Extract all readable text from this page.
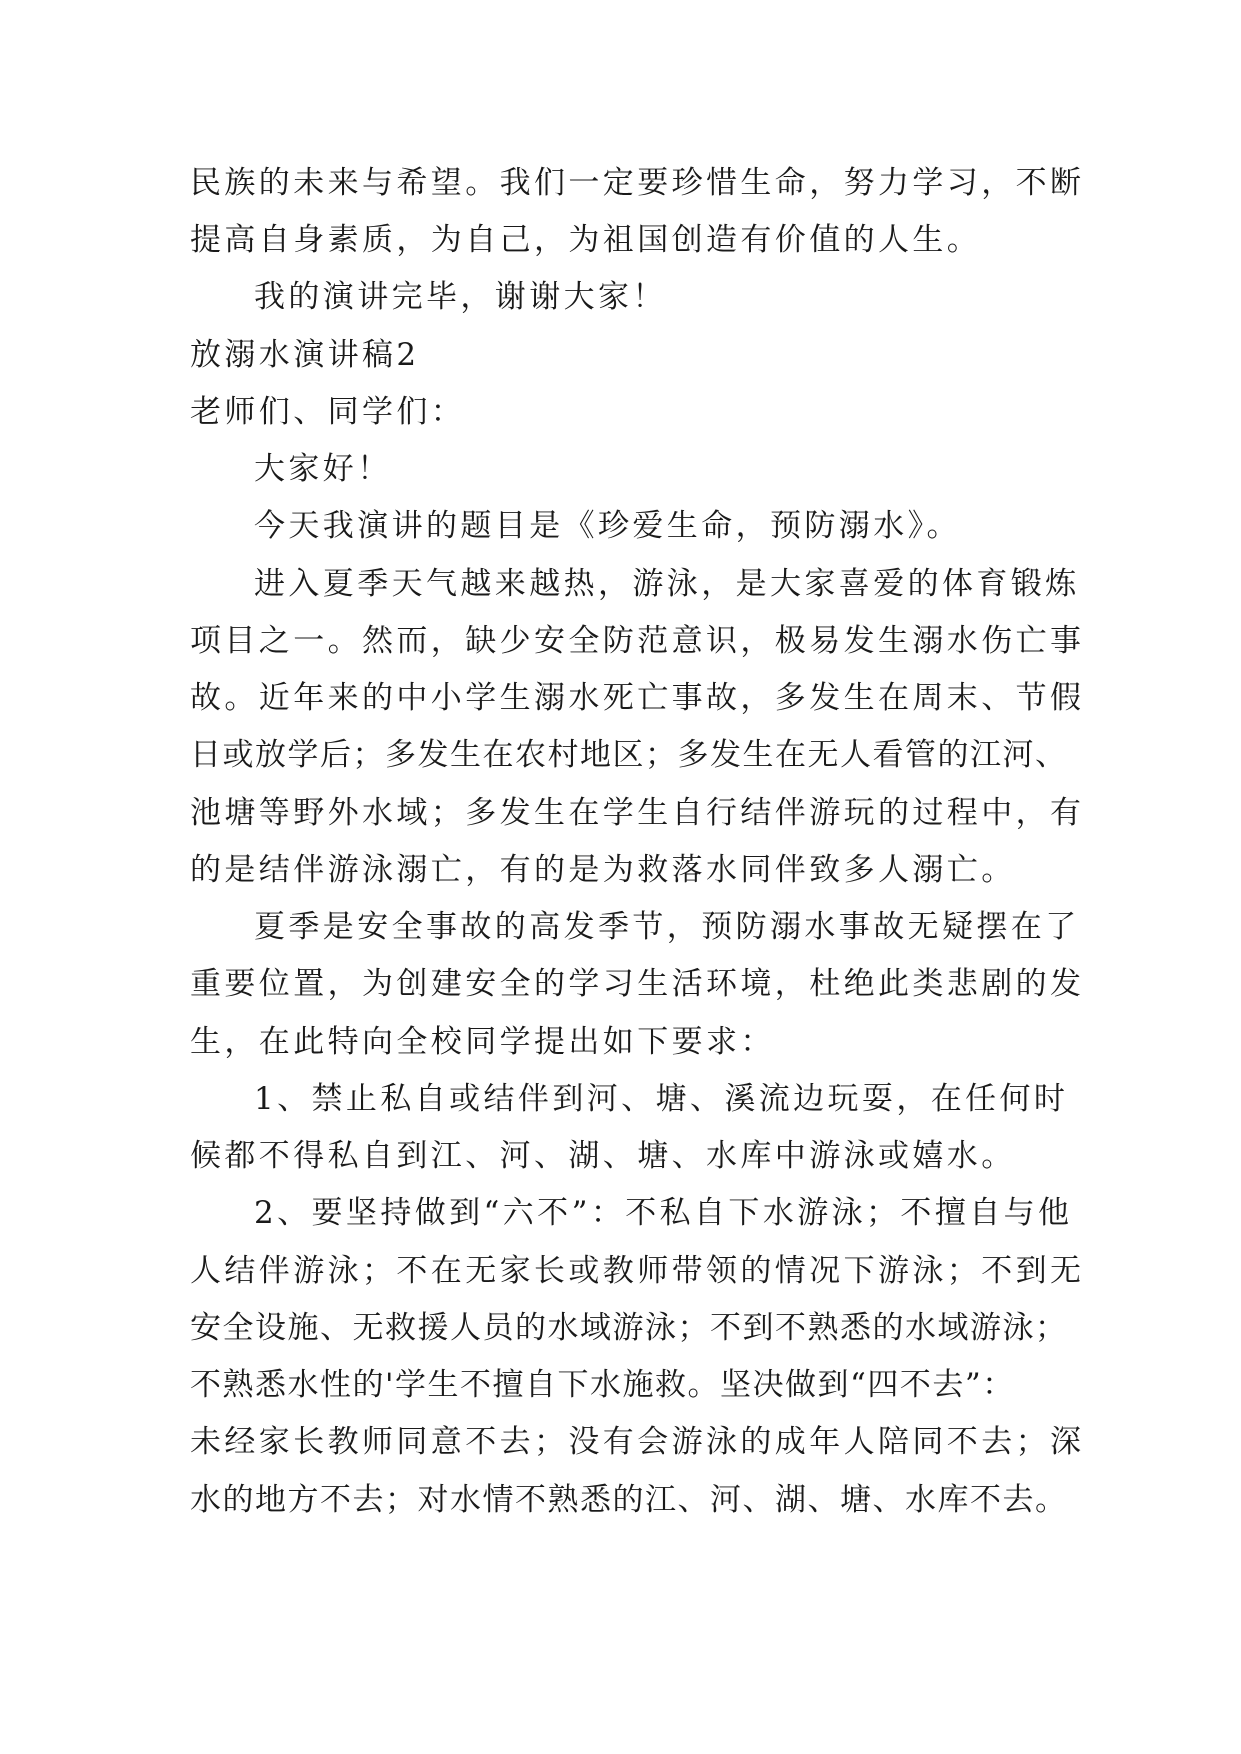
民族的未来与希望。我们一定要珍惜生命，努力学习，不断
提高自身素质，为自己，为祖国创造有价值的人生。
我的演讲完毕，谢谢大家！
放溺水演讲稿2
老师们、同学们：
大家好！
今天我演讲的题目是《珍爱生命，预防溺水》。
进入夏季天气越来越热，游泳，是大家喜爱的体育锻炼
项目之一。然而，缺少安全防范意识，极易发生溺水伤亡事
故。近年来的中小学生溺水死亡事故，多发生在周末、节假
日或放学后；多发生在农村地区；多发生在无人看管的江河、
池塘等野外水域；多发生在学生自行结伴游玩的过程中，有
的是结伴游泳溺亡，有的是为救落水同伴致多人溺亡。
夏季是安全事故的高发季节，预防溺水事故无疑摆在了
重要位置，为创建安全的学习生活环境，杜绝此类悲剧的发
生，在此特向全校同学提出如下要求：
1、禁止私自或结伴到河、塘、溪流边玩耍，在任何时
候都不得私自到江、河、湖、塘、水库中游泳或嬉水。
2、要坚持做到“六不”：不私自下水游泳；不擅自与他
人结伴游泳；不在无家长或教师带领的情况下游泳；不到无
安全设施、无救援人员的水域游泳；不到不熟悉的水域游泳；
不熟悉水性的'学生不擅自下水施救。坚决做到“四不去”：
未经家长教师同意不去；没有会游泳的成年人陪同不去；深
水的地方不去；对水情不熟悉的江、河、湖、塘、水库不去。
